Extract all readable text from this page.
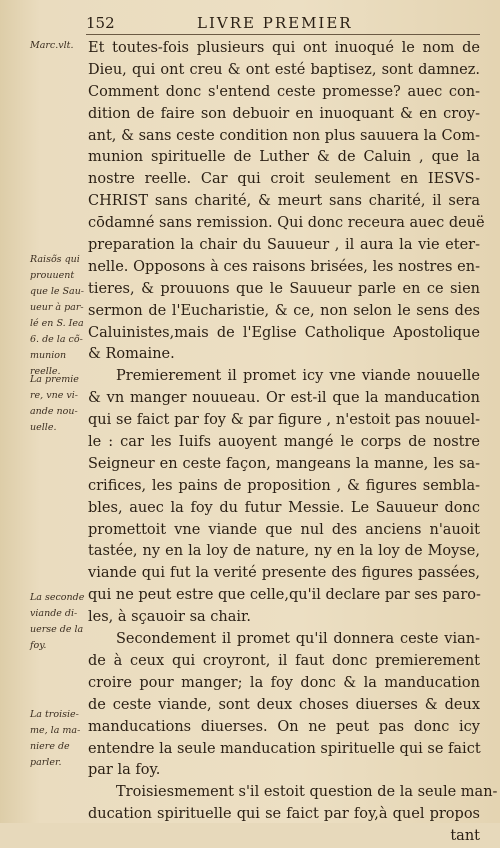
152	LIVRE PREMIER
Marc.vlt.
Raisõs qui
prouuent
que le Sau-
ueur à par-
lé en S. Iea
6. de la cõ-
munion
reelle.
La premie
re, vne vi-
ande nou-
uelle.
La seconde
viande di-
uerse de la
foy.
La troisie-
me, la ma-
niere de
parler.
Et toutes-fois plusieurs qui ont inuoqué le nom de
Dieu, qui ont creu & ont esté baptisez, sont damnez.
Comment donc s'entend ceste promesse? auec con-
dition de faire son debuoir en inuoquant & en croy-
ant, & sans ceste condition non plus sauuera la Com-
munion spirituelle de Luther & de Caluin , que la
nostre reelle. Car qui croit seulement en IESVS-
CHRIST sans charité, & meurt sans charité, il sera
cōdamné sans remission. Qui donc receura auec deuë
preparation la chair du Sauueur , il aura la vie eter-
nelle. Opposons à ces raisons brisées, les nostres en-
tieres, & prouuons que le Sauueur parle en ce sien
sermon de l'Eucharistie, & ce, non selon le sens des
Caluinistes,mais de l'Eglise Catholique Apostolique
& Romaine.
Premierement il promet icy vne viande nouuelle
& vn manger nouueau. Or est-il que la manducation
qui se faict par foy & par figure , n'estoit pas nouuel-
le : car les Iuifs auoyent mangé le corps de nostre
Seigneur en ceste façon, mangeans la manne, les sa-
crifices, les pains de proposition , & figures sembla-
bles, auec la foy du futur Messie. Le Sauueur donc
promettoit vne viande que nul des anciens n'auoit
tastée, ny en la loy de nature, ny en la loy de Moyse,
viande qui fut la verité presente des figures passées,
qui ne peut estre que celle,qu'il declare par ses paro-
les, à sçauoir sa chair.
Secondement il promet qu'il donnera ceste vian-
de à ceux qui croyront, il faut donc premierement
croire pour manger; la foy donc & la manducation
de ceste viande, sont deux choses diuerses & deux
manducations diuerses. On ne peut pas donc icy
entendre la seule manducation spirituelle qui se faict
par la foy.
Troisiesmement s'il estoit question de la seule man-
ducation spirituelle qui se faict par foy,à quel propos
tant
